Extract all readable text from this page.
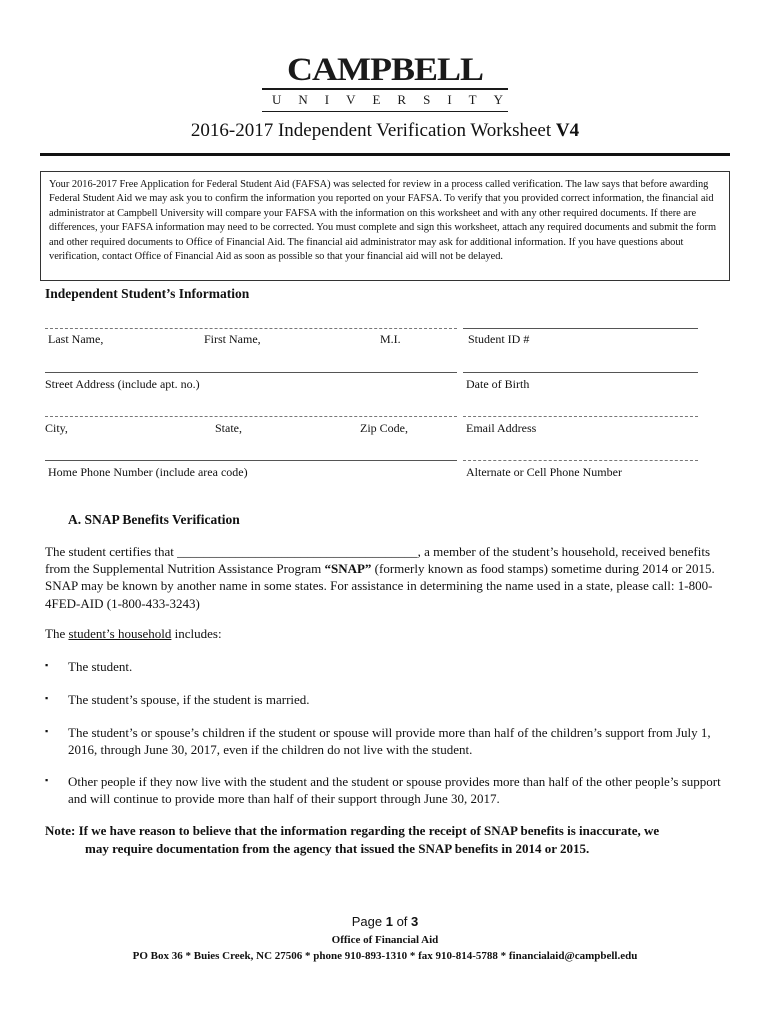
CAMPBELL
UNIVERSITY
2016-2017 Independent Verification Worksheet V4
Your 2016-2017 Free Application for Federal Student Aid (FAFSA) was selected for review in a process called verification. The law says that before awarding Federal Student Aid we may ask you to confirm the information you reported on your FAFSA. To verify that you provided correct information, the financial aid administrator at Campbell University will compare your FAFSA with the information on this worksheet and with any other required documents. If there are differences, your FAFSA information may need to be corrected. You must complete and sign this worksheet, attach any required documents and submit the form and other required documents to Office of Financial Aid. The financial aid administrator may ask for additional information. If you have questions about verification, contact Office of Financial Aid as soon as possible so that your financial aid will not be delayed.
Independent Student’s Information
Last Name,	First Name,	M.I.	Student ID #
Street Address (include apt. no.)	Date of Birth
City,	State,	Zip Code,	Email Address
Home Phone Number (include area code)	Alternate or Cell Phone Number
A. SNAP Benefits Verification
The student certifies that _____________________________________, a member of the student’s household, received benefits from the Supplemental Nutrition Assistance Program “SNAP” (formerly known as food stamps) sometime during 2014 or 2015. SNAP may be known by another name in some states. For assistance in determining the name used in a state, please call: 1-800-4FED-AID (1-800-433-3243)
The student’s household includes:
▪ The student.
▪ The student’s spouse, if the student is married.
▪ The student’s or spouse’s children if the student or spouse will provide more than half of the children’s support from July 1, 2016, through June 30, 2017, even if the children do not live with the student.
▪ Other people if they now live with the student and the student or spouse provides more than half of the other people’s support and will continue to provide more than half of their support through June 30, 2017.
Note: If we have reason to believe that the information regarding the receipt of SNAP benefits is inaccurate, we
may require documentation from the agency that issued the SNAP benefits in 2014 or 2015.
Page 1 of 3
Office of Financial Aid
PO Box 36 * Buies Creek, NC 27506 * phone 910-893-1310 * fax 910-814-5788 * financialaid@campbell.edu
